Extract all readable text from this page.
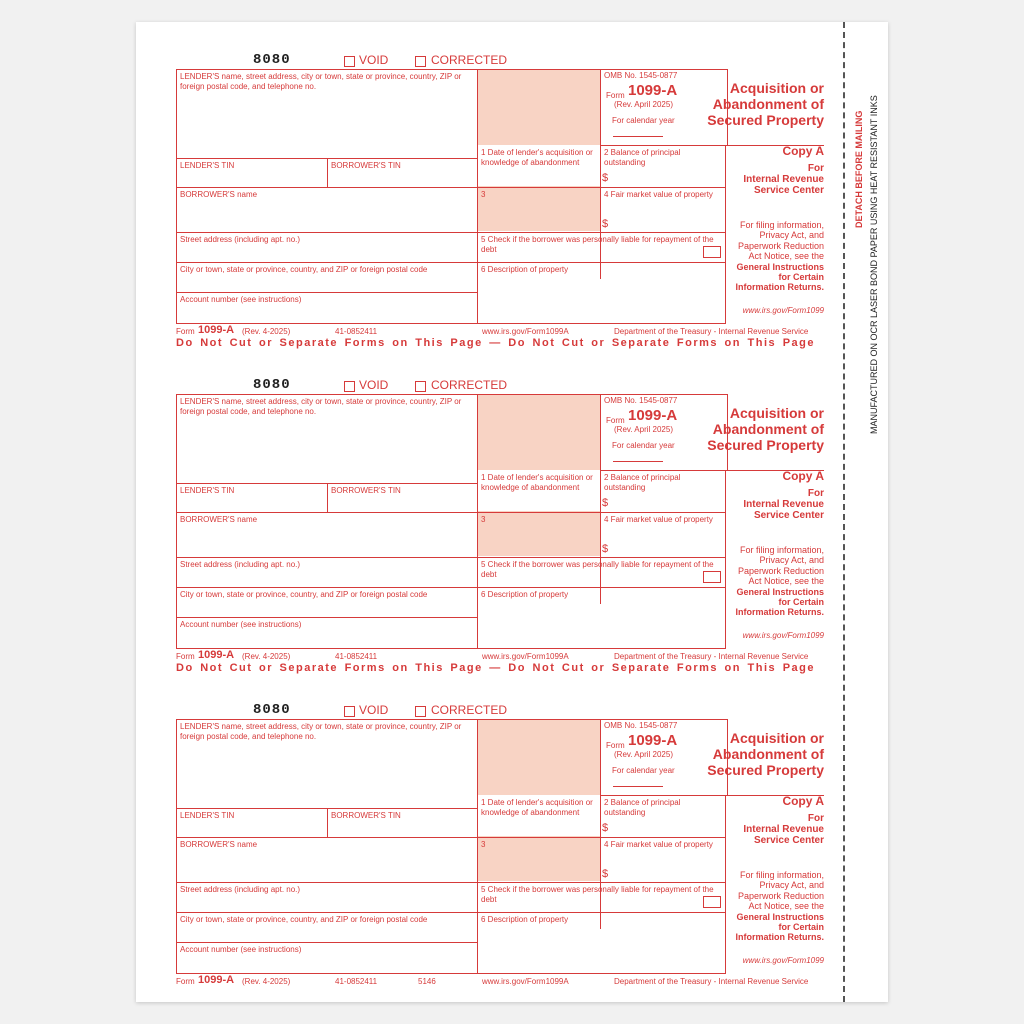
DETACH BEFORE MAILING MANUFACTURED ON OCR LASER BOND PAPER USING HEAT RESISTANT INKS
8080	VOID	CORRECTED
LENDER'S name, street address, city or town, state or province, country, ZIP or foreign postal code, and telephone no.
LENDER'S TIN	BORROWER'S TIN
BORROWER'S name
Street address (including apt. no.)
City or town, state or province, country, and ZIP or foreign postal code
Account number (see instructions)
OMB No. 1545-0877
Form 1099-A
(Rev. April 2025)
For calendar year
1 Date of lender's acquisition or knowledge of abandonment
2 Balance of principal outstanding
$
3	4 Fair market value of property
$
5 Check if the borrower was personally liable for repayment of the debt
6 Description of property
Acquisition or
Abandonment of
Secured Property
Copy A
For
Internal Revenue
Service Center
For filing information,
Privacy Act, and
Paperwork Reduction
Act Notice, see the
General Instructions
for Certain
Information Returns.
www.irs.gov/Form1099
Form 1099-A (Rev. 4-2025)	41-0852411	www.irs.gov/Form1099A	Department of the Treasury - Internal Revenue Service
Do Not Cut or Separate Forms on This Page — Do Not Cut or Separate Forms on This Page
Do Not Cut or Separate Forms on This Page — Do Not Cut or Separate Forms on This Page
8080	VOID	CORRECTED
LENDER'S name, street address, city or town, state or province, country, ZIP or foreign postal code, and telephone no.
LENDER'S TIN	BORROWER'S TIN
BORROWER'S name
Street address (including apt. no.)
City or town, state or province, country, and ZIP or foreign postal code
Account number (see instructions)
OMB No. 1545-0877
Form 1099-A
(Rev. April 2025)
For calendar year
1 Date of lender's acquisition or knowledge of abandonment
2 Balance of principal outstanding
$
3	4 Fair market value of property
$
5 Check if the borrower was personally liable for repayment of the debt
6 Description of property
Acquisition or
Abandonment of
Secured Property
Copy A
For
Internal Revenue
Service Center
For filing information,
Privacy Act, and
Paperwork Reduction
Act Notice, see the
General Instructions
for Certain
Information Returns.
www.irs.gov/Form1099
Form 1099-A (Rev. 4-2025)	41-0852411	www.irs.gov/Form1099A	Department of the Treasury - Internal Revenue Service
8080	VOID	CORRECTED
LENDER'S name, street address, city or town, state or province, country, ZIP or foreign postal code, and telephone no.
LENDER'S TIN	BORROWER'S TIN
BORROWER'S name
Street address (including apt. no.)
City or town, state or province, country, and ZIP or foreign postal code
Account number (see instructions)
OMB No. 1545-0877
Form 1099-A
(Rev. April 2025)
For calendar year
1 Date of lender's acquisition or knowledge of abandonment
2 Balance of principal outstanding
$
3	4 Fair market value of property
$
5 Check if the borrower was personally liable for repayment of the debt
6 Description of property
Acquisition or
Abandonment of
Secured Property
Copy A
For
Internal Revenue
Service Center
For filing information,
Privacy Act, and
Paperwork Reduction
Act Notice, see the
General Instructions
for Certain
Information Returns.
www.irs.gov/Form1099
Form 1099-A (Rev. 4-2025)	41-0852411	www.irs.gov/Form1099A	Department of the Treasury - Internal Revenue Service
5146
